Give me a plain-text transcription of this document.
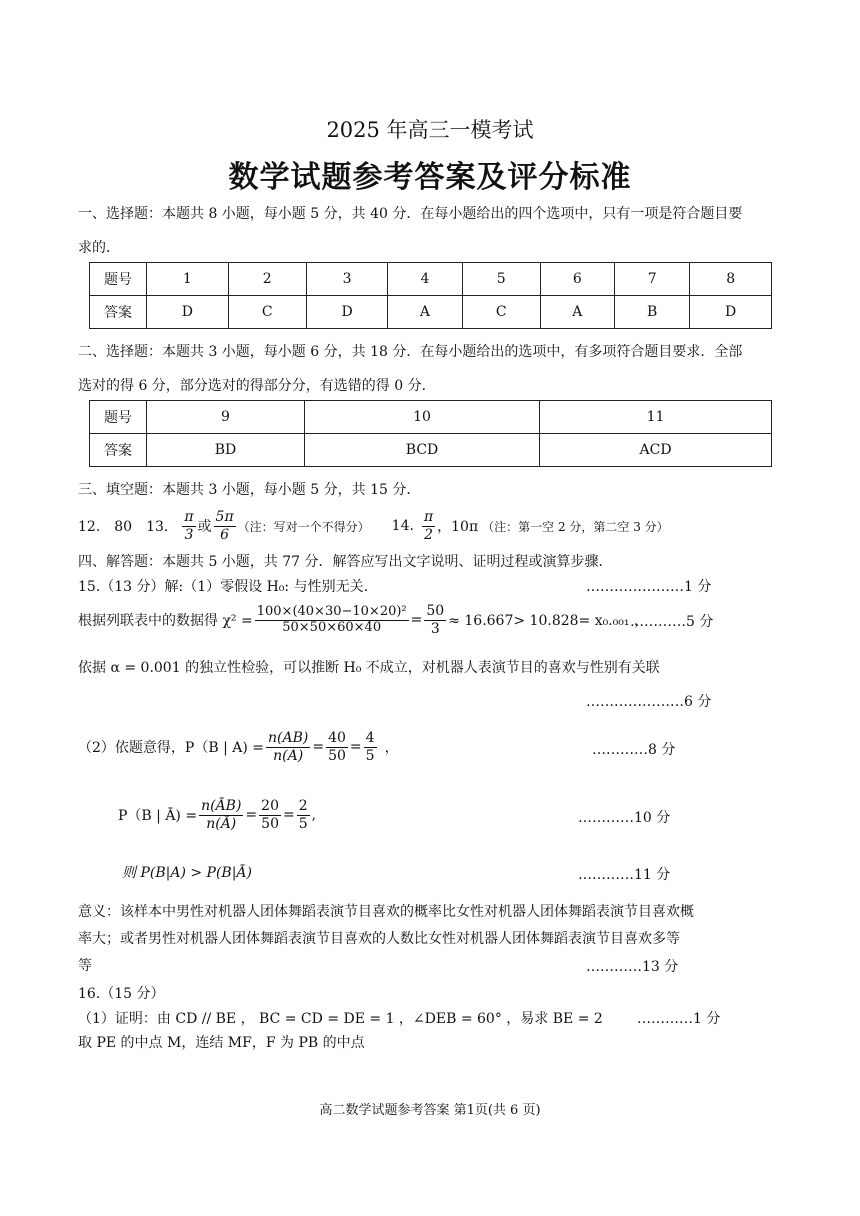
2025 年高三一模考试
数学试题参考答案及评分标准
一、选择题：本题共 8 小题，每小题 5 分，共 40 分．在每小题给出的四个选项中，只有一项是符合题目要
求的．
题号	1	2	3	4	5	6	7	8
答案	D	C	D	A	C	A	B	D
二、选择题：本题共 3 小题，每小题 6 分，共 18 分．在每小题给出的选项中，有多项符合题目要求．全部
选对的得 6 分，部分选对的得部分分，有选错的得 0 分．
题号	9	10	11
答案	BD	BCD	ACD
三、填空题：本题共 3 小题，每小题 5 分，共 15 分．
12.　80　13. $\frac{\pi}{3}$ 或 $\frac{5\pi}{6}$ （注：写对一个不得分） 14. $\frac{\pi}{2}$ ，10π （注：第一空 2 分，第二空 3 分）
四、解答题：本题共 5 小题，共 77 分．解答应写出文字说明、证明过程或演算步骤．
15.（13 分）解:（1）零假设 H₀: 与性别无关.	…………………1 分
根据列联表中的数据得 $\chi^2 = \frac{\text{100×(40×30−10×20)²}}{50\times 50\times 60\times 40} = \frac{50}{3} \approx 16.667> 10.828= x_0._{001}$ ，
…………5 分
依据 α = 0.001 的独立性检验，可以推断 H₀ 不成立，对机器人表演节目的喜欢与性别有关联
…………………6 分
（2）依题意得，P（B | $A) = \frac{n(AB)}{n(A)} = \frac{40}{50} = \frac{4}{5}$ ，	…………8 分
P（B | Ā) = $\frac{n(ĀB)}{n(Ā)} = \frac{20}{50} = \frac{2}{5}$ ,	…………10 分
则 P(B|A) > P(B|Ā)	…………11 分
意义：该样本中男性对机器人团体舞蹈表演节目喜欢的概率比女性对机器人团体舞蹈表演节目喜欢概
率大；或者男性对机器人团体舞蹈表演节目喜欢的人数比女性对机器人团体舞蹈表演节目喜欢多等
等	…………13 分
16.（15 分）
（1）证明：由 CD // BE ， BC = CD = DE = 1 ，∠DEB = 60° ，易求 BE = 2 …………1 分
取 PE 的中点 M，连结 MF，F 为 PB 的中点
高二数学试题参考答案 第1页(共 6 页)
